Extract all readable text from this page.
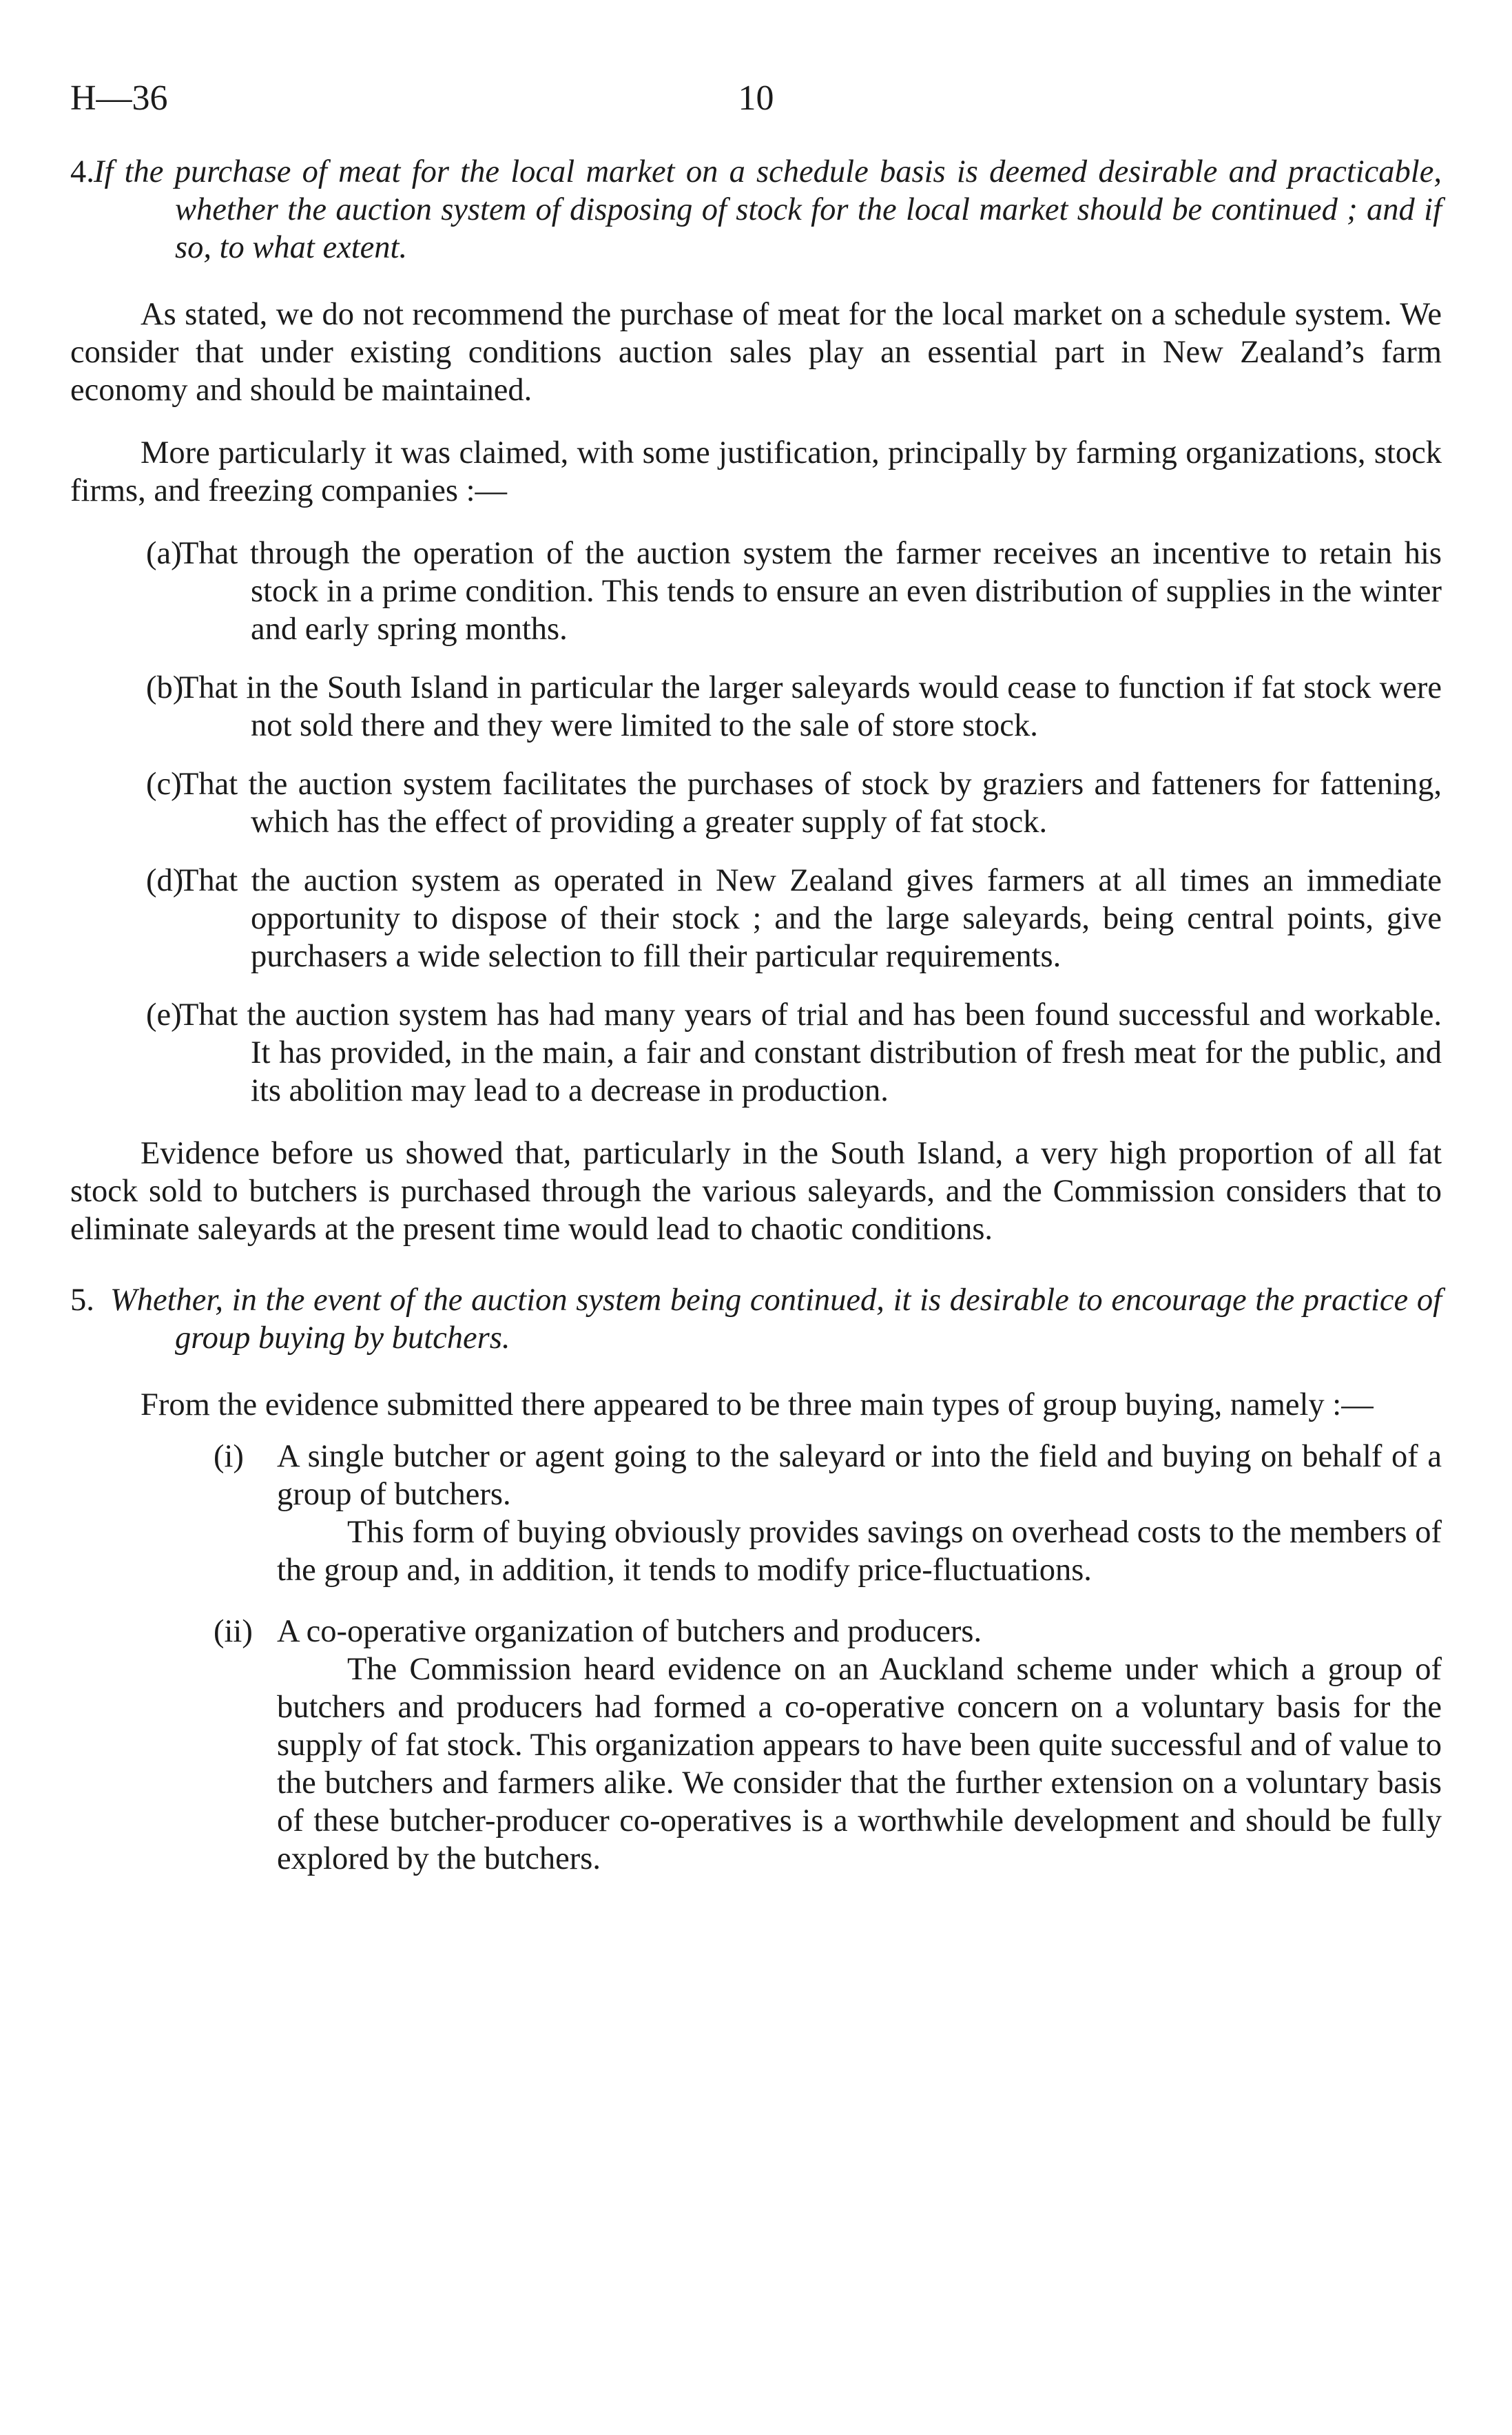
H—36	10

4.If the purchase of meat for the local market on a schedule basis is deemed desirable and practicable, whether the auction system of disposing of stock for the local market should be continued ; and if so, to what extent.

As stated, we do not recommend the purchase of meat for the local market on a schedule system. We consider that under existing conditions auction sales play an essential part in New Zealand’s farm economy and should be maintained.

More particularly it was claimed, with some justification, principally by farming organizations, stock firms, and freezing companies :—

(a)That through the operation of the auction system the farmer receives an incentive to retain his stock in a prime condition. This tends to ensure an even distribution of supplies in the winter and early spring months.
(b)That in the South Island in particular the larger saleyards would cease to function if fat stock were not sold there and they were limited to the sale of store stock.
(c)That the auction system facilitates the purchases of stock by graziers and fatteners for fattening, which has the effect of providing a greater supply of fat stock.
(d)That the auction system as operated in New Zealand gives farmers at all times an immediate opportunity to dispose of their stock ; and the large saleyards, being central points, give purchasers a wide selection to fill their particular requirements.
(e)That the auction system has had many years of trial and has been found successful and workable. It has provided, in the main, a fair and constant distribution of fresh meat for the public, and its abolition may lead to a decrease in production.

Evidence before us showed that, particularly in the South Island, a very high proportion of all fat stock sold to butchers is purchased through the various saleyards, and the Commission considers that to eliminate saleyards at the present time would lead to chaotic conditions.

5. Whether, in the event of the auction system being continued, it is desirable to encourage the practice of group buying by butchers.

From the evidence submitted there appeared to be three main types of group buying, namely :—

(i) A single butcher or agent going to the saleyard or into the field and buying on behalf of a group of butchers.

This form of buying obviously provides savings on overhead costs to the members of the group and, in addition, it tends to modify price-fluctuations.

(ii) A co-operative organization of butchers and producers.

The Commission heard evidence on an Auckland scheme under which a group of butchers and producers had formed a co-operative concern on a voluntary basis for the supply of fat stock. This organization appears to have been quite successful and of value to the butchers and farmers alike. We consider that the further extension on a voluntary basis of these butcher-producer co-operatives is a worthwhile development and should be fully explored by the butchers.
